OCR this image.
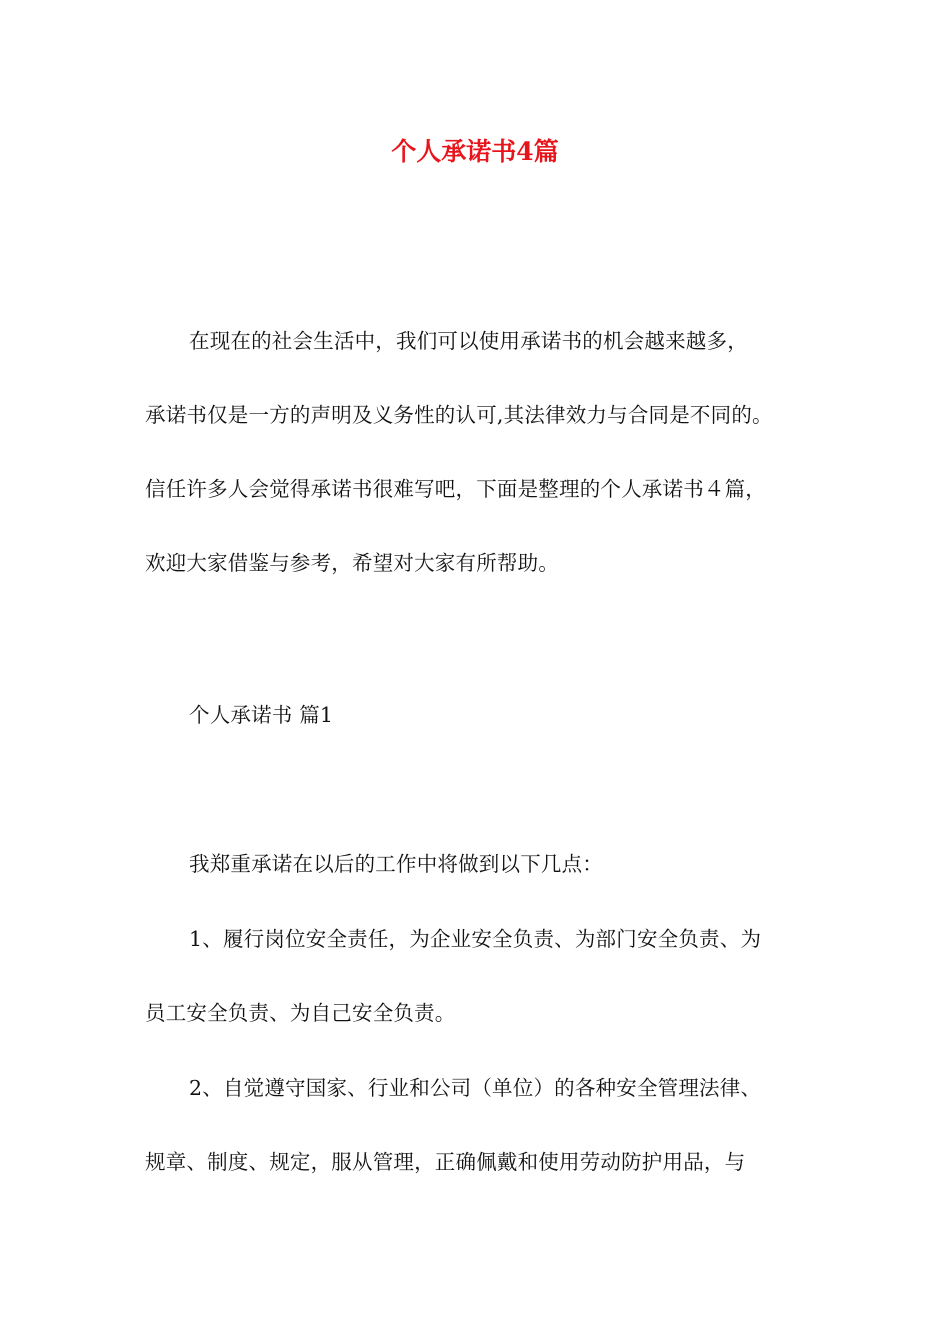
个人承诺书4篇
在现在的社会生活中，我们可以使用承诺书的机会越来越多，
承诺书仅是一方的声明及义务性的认可,其法律效力与合同是不同的。
信任许多人会觉得承诺书很难写吧，下面是整理的个人承诺书４篇，
欢迎大家借鉴与参考，希望对大家有所帮助。
个人承诺书 篇1
我郑重承诺在以后的工作中将做到以下几点：
1、履行岗位安全责任，为企业安全负责、为部门安全负责、为
员工安全负责、为自己安全负责。
2、自觉遵守国家、行业和公司（单位）的各种安全管理法律、
规章、制度、规定，服从管理，正确佩戴和使用劳动防护用品，与
